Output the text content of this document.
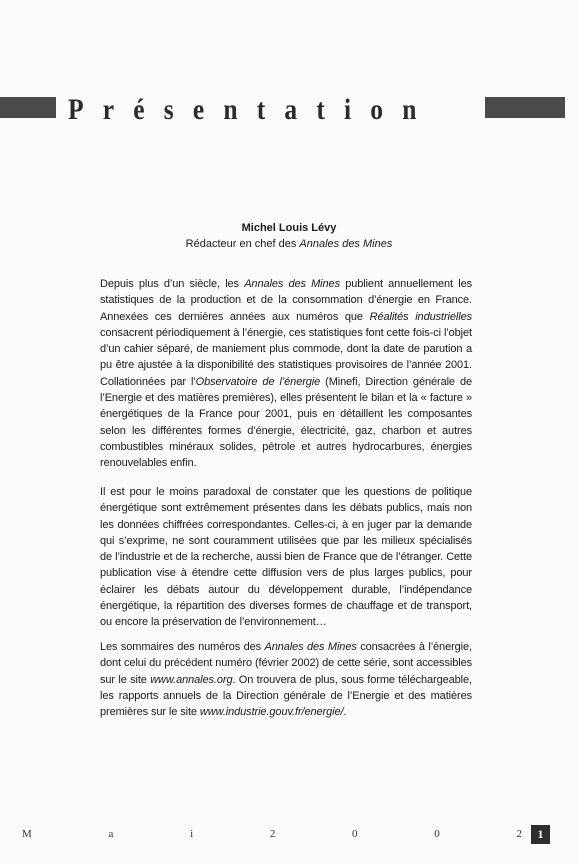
P r é s e n t a t i o n
Michel Louis Lévy
Rédacteur en chef des Annales des Mines
Depuis plus d’un siècle, les Annales des Mines publient annuellement les statistiques de la production et de la consommation d’énergie en France. Annexées ces dernières années aux numéros que Réalités industrielles consacrent périodiquement à l’énergie, ces statistiques font cette fois-ci l’objet d’un cahier séparé, de maniement plus commode, dont la date de parution a pu être ajustée à la disponibilité des statistiques provisoires de l’année 2001. Collationnées par l’Observatoire de l’énergie (Minefi, Direction générale de l’Energie et des matières premières), elles présentent le bilan et la « facture » énergétiques de la France pour 2001, puis en détaillent les composantes selon les différentes formes d’énergie, électricité, gaz, charbon et autres combustibles minéraux solides, pétrole et autres hydrocarbures, énergies renouvelables enfin.
Il est pour le moins paradoxal de constater que les questions de politique énergétique sont extrêmement présentes dans les débats publics, mais non les données chiffrées correspondantes. Celles-ci, à en juger par la demande qui s’exprime, ne sont couramment utilisées que par les milieux spécialisés de l’industrie et de la recherche, aussi bien de France que de l’étranger. Cette publication vise à étendre cette diffusion vers de plus larges publics, pour éclairer les débats autour du développement durable, l’indépendance énergétique, la répartition des diverses formes de chauffage et de transport, ou encore la préservation de l’environnement…
Les sommaires des numéros des Annales des Mines consacrées à l’énergie, dont celui du précédent numéro (février 2002) de cette série, sont accessibles sur le site www.annales.org. On trouvera de plus, sous forme téléchargeable, les rapports annuels de la Direction générale de l’Energie et des matières premières sur le site www.industrie.gouv.fr/energie/.
M	a	i	2	0	0	2	1
